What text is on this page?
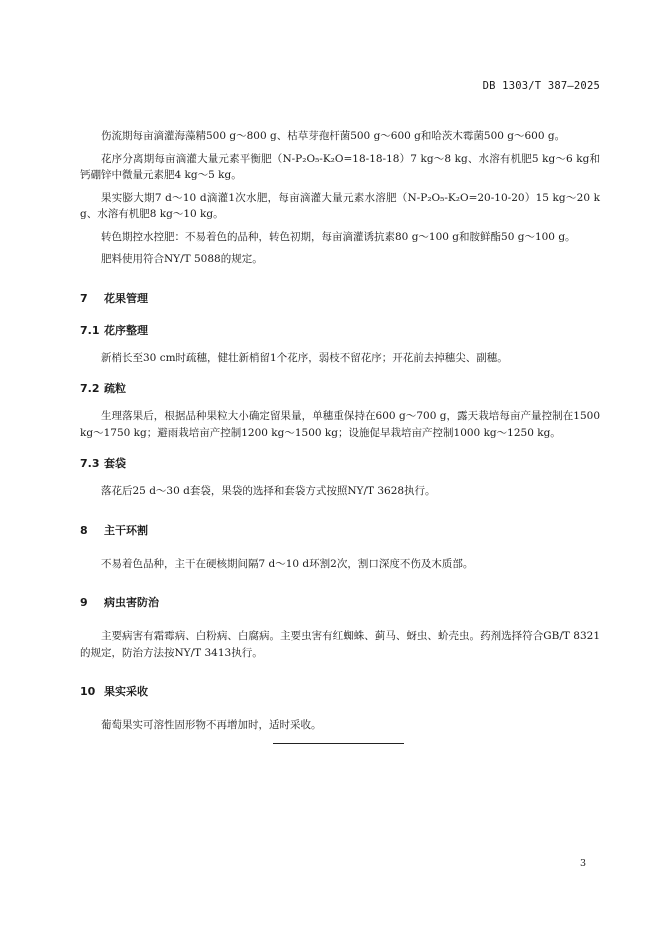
DB 1303/T 387—2025

伤流期每亩滴灌海藻精500 g～800 g、枯草芽孢杆菌500 g～600 g和哈茨木霉菌500 g～600 g。

花序分离期每亩滴灌大量元素平衡肥（N-P₂O₅-K₂O=18-18-18）7 kg～8 kg、水溶有机肥5 kg～6 kg和钙硼锌中微量元素肥4 kg～5 kg。

果实膨大期7 d～10 d滴灌1次水肥，每亩滴灌大量元素水溶肥（N-P₂O₅-K₂O=20-10-20）15 kg～20 kg、水溶有机肥8 kg～10 kg。

转色期控水控肥：不易着色的品种，转色初期，每亩滴灌诱抗素80 g～100 g和胺鲜酯50 g～100 g。

肥料使用符合NY/T 5088的规定。

7 花果管理
7.1 花序整理

新梢长至30 cm时疏穗，健壮新梢留1个花序，弱枝不留花序；开花前去掉穗尖、副穗。

7.2 疏粒

生理落果后，根据品种果粒大小确定留果量，单穗重保持在600 g～700 g，露天栽培每亩产量控制在1500 kg～1750 kg；避雨栽培亩产控制1200 kg～1500 kg；设施促早栽培亩产控制1000 kg～1250 kg。

7.3 套袋

落花后25 d～30 d套袋，果袋的选择和套袋方式按照NY/T 3628执行。

8 主干环割

不易着色品种，主干在硬核期间隔7 d～10 d环割2次，割口深度不伤及木质部。

9 病虫害防治

主要病害有霜霉病、白粉病、白腐病。主要虫害有红蜘蛛、蓟马、蚜虫、蚧壳虫。药剂选择符合GB/T 8321的规定，防治方法按NY/T 3413执行。

10 果实采收

葡萄果实可溶性固形物不再增加时，适时采收。

3
